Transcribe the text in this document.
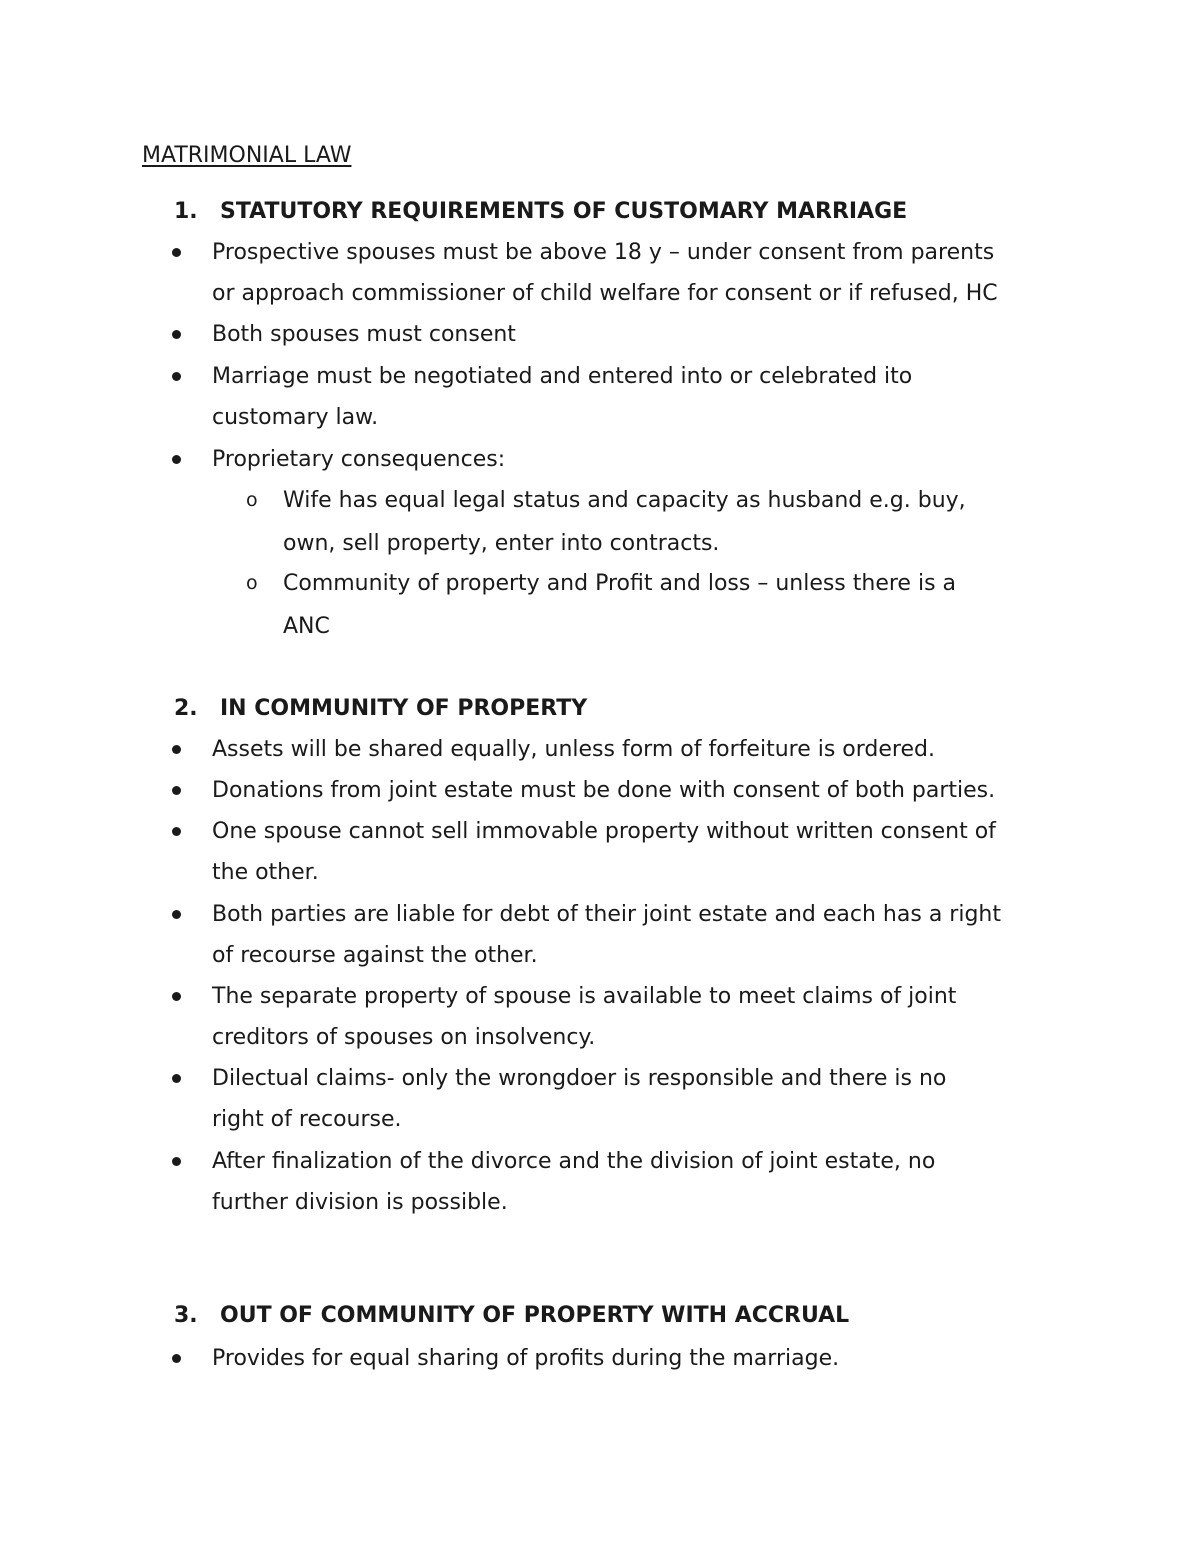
MATRIMONIAL LAW
1. STATUTORY REQUIREMENTS OF CUSTOMARY MARRIAGE
Prospective spouses must be above 18 y – under consent from parents
or approach commissioner of child welfare for consent or if refused, HC
Both spouses must consent
Marriage must be negotiated and entered into or celebrated ito
customary law.
Proprietary consequences:
o Wife has equal legal status and capacity as husband e.g. buy,
own, sell property, enter into contracts.
o Community of property and Profit and loss – unless there is a
ANC
2. IN COMMUNITY OF PROPERTY
Assets will be shared equally, unless form of forfeiture is ordered.
Donations from joint estate must be done with consent of both parties.
One spouse cannot sell immovable property without written consent of
the other.
Both parties are liable for debt of their joint estate and each has a right
of recourse against the other.
The separate property of spouse is available to meet claims of joint
creditors of spouses on insolvency.
Dilectual claims- only the wrongdoer is responsible and there is no
right of recourse.
After finalization of the divorce and the division of joint estate, no
further division is possible.
3. OUT OF COMMUNITY OF PROPERTY WITH ACCRUAL
Provides for equal sharing of profits during the marriage.
